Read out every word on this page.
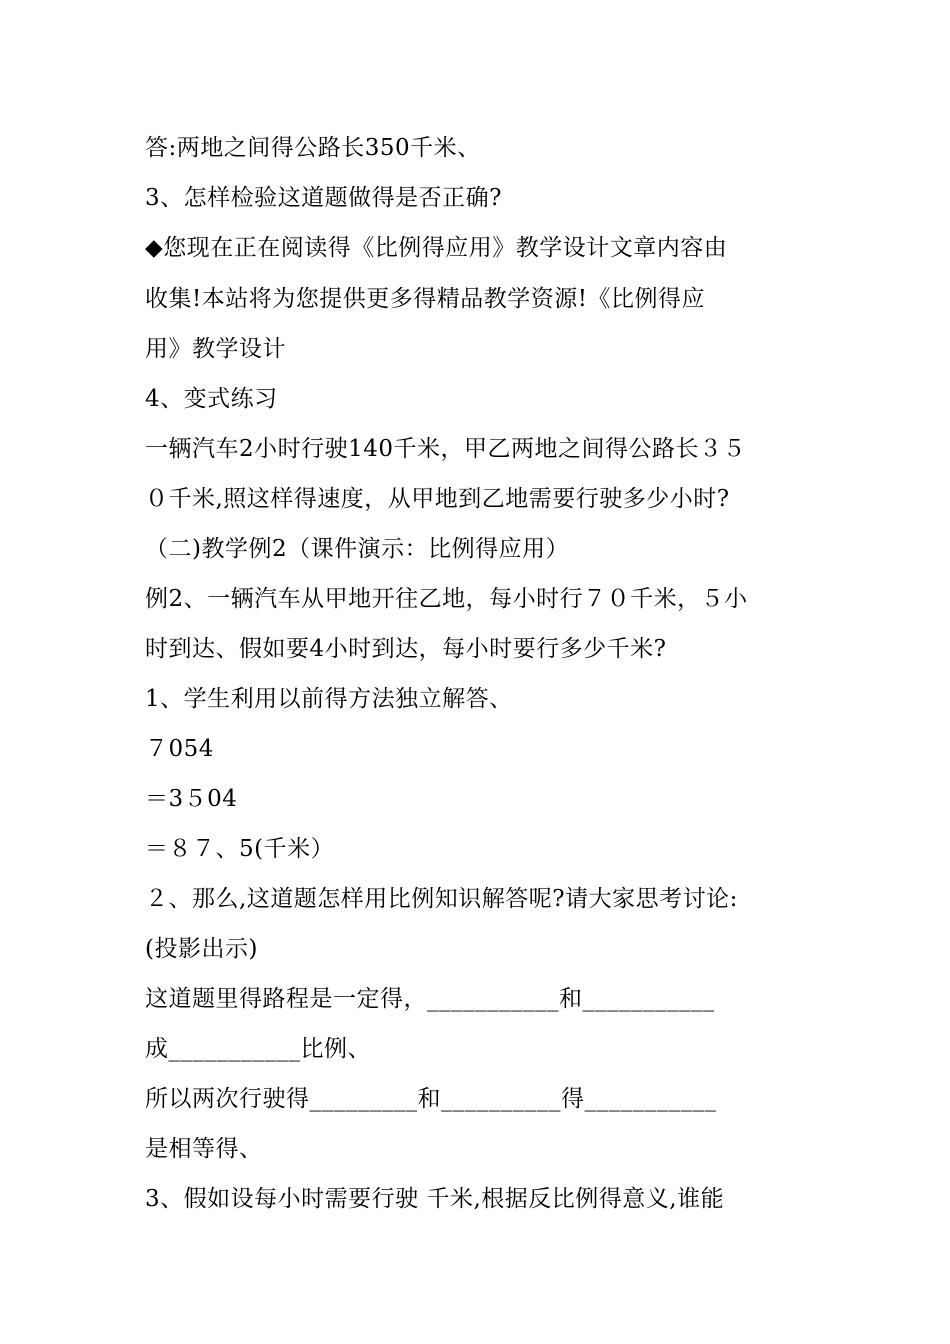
答:两地之间得公路长350千米、
3、怎样检验这道题做得是否正确?
◆您现在正在阅读得《比例得应用》教学设计文章内容由
收集!本站将为您提供更多得精品教学资源!《比例得应
用》教学设计
4、变式练习
一辆汽车2小时行驶140千米，甲乙两地之间得公路长３５
０千米,照这样得速度，从甲地到乙地需要行驶多少小时?
（二)教学例2（课件演示：比例得应用）
例2、一辆汽车从甲地开往乙地，每小时行７０千米，５小
时到达、假如要4小时到达，每小时要行多少千米?
1、学生利用以前得方法独立解答、
７054
＝3５04
＝８７、5(千米）
２、那么,这道题怎样用比例知识解答呢?请大家思考讨论:
(投影出示)
这道题里得路程是一定得，___________和___________
成___________比例、
所以两次行驶得_________和__________得___________
是相等得、
3、假如设每小时需要行驶 千米,根据反比例得意义,谁能
